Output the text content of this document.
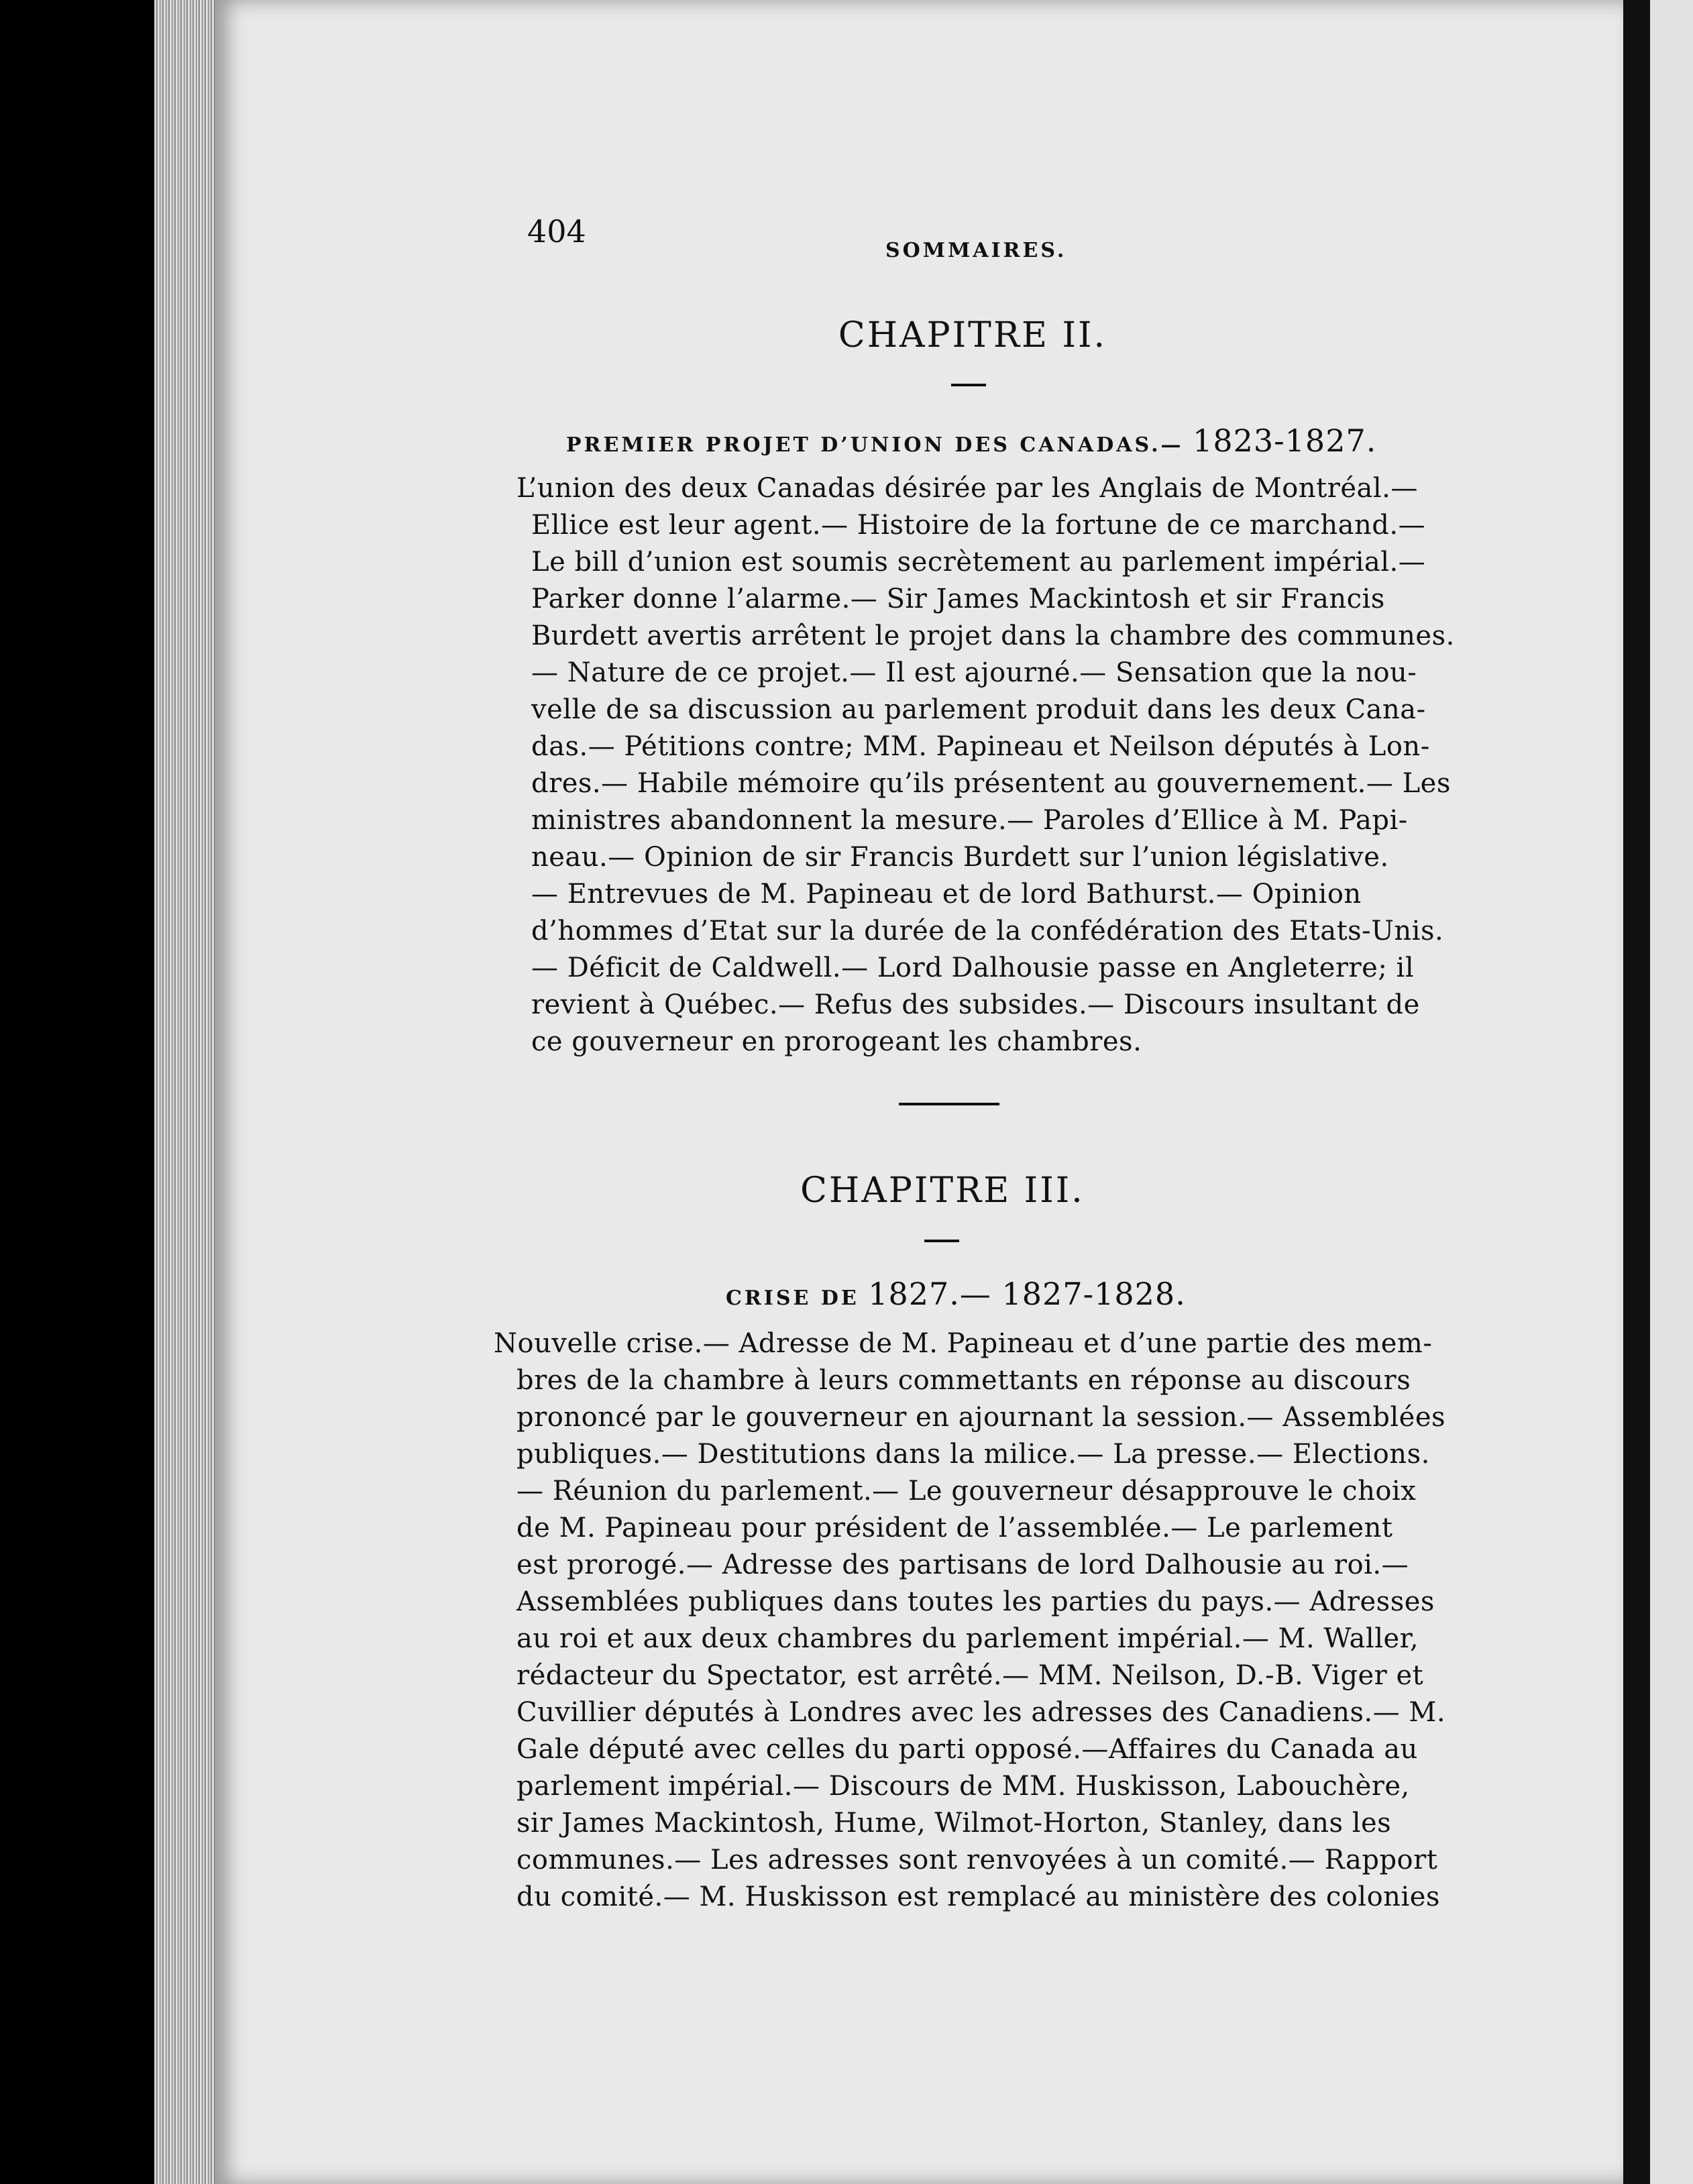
404
SOMMAIRES.
CHAPITRE II.
PREMIER PROJET D’UNION DES CANADAS.— 1823-1827.
L’union des deux Canadas désirée par les Anglais de Montréal.—
Ellice est leur agent.— Histoire de la fortune de ce marchand.—
Le bill d’union est soumis secrètement au parlement impérial.—
Parker donne l’alarme.— Sir James Mackintosh et sir Francis
Burdett avertis arrêtent le projet dans la chambre des communes.
— Nature de ce projet.— Il est ajourné.— Sensation que la nou-
velle de sa discussion au parlement produit dans les deux Cana-
das.— Pétitions contre; MM. Papineau et Neilson députés à Lon-
dres.— Habile mémoire qu’ils présentent au gouvernement.— Les
ministres abandonnent la mesure.— Paroles d’Ellice à M. Papi-
neau.— Opinion de sir Francis Burdett sur l’union législative.
— Entrevues de M. Papineau et de lord Bathurst.— Opinion
d’hommes d’Etat sur la durée de la confédération des Etats-Unis.
— Déficit de Caldwell.— Lord Dalhousie passe en Angleterre; il
revient à Québec.— Refus des subsides.— Discours insultant de
ce gouverneur en prorogeant les chambres.
CHAPITRE III.
CRISE DE 1827.— 1827-1828.
Nouvelle crise.— Adresse de M. Papineau et d’une partie des mem-
bres de la chambre à leurs commettants en réponse au discours
prononcé par le gouverneur en ajournant la session.— Assemblées
publiques.— Destitutions dans la milice.— La presse.— Elections.
— Réunion du parlement.— Le gouverneur désapprouve le choix
de M. Papineau pour président de l’assemblée.— Le parlement
est prorogé.— Adresse des partisans de lord Dalhousie au roi.—
Assemblées publiques dans toutes les parties du pays.— Adresses
au roi et aux deux chambres du parlement impérial.— M. Waller,
rédacteur du Spectator, est arrêté.— MM. Neilson, D.-B. Viger et
Cuvillier députés à Londres avec les adresses des Canadiens.— M.
Gale député avec celles du parti opposé.—Affaires du Canada au
parlement impérial.— Discours de MM. Huskisson, Labouchère,
sir James Mackintosh, Hume, Wilmot-Horton, Stanley, dans les
communes.— Les adresses sont renvoyées à un comité.— Rapport
du comité.— M. Huskisson est remplacé au ministère des colonies
